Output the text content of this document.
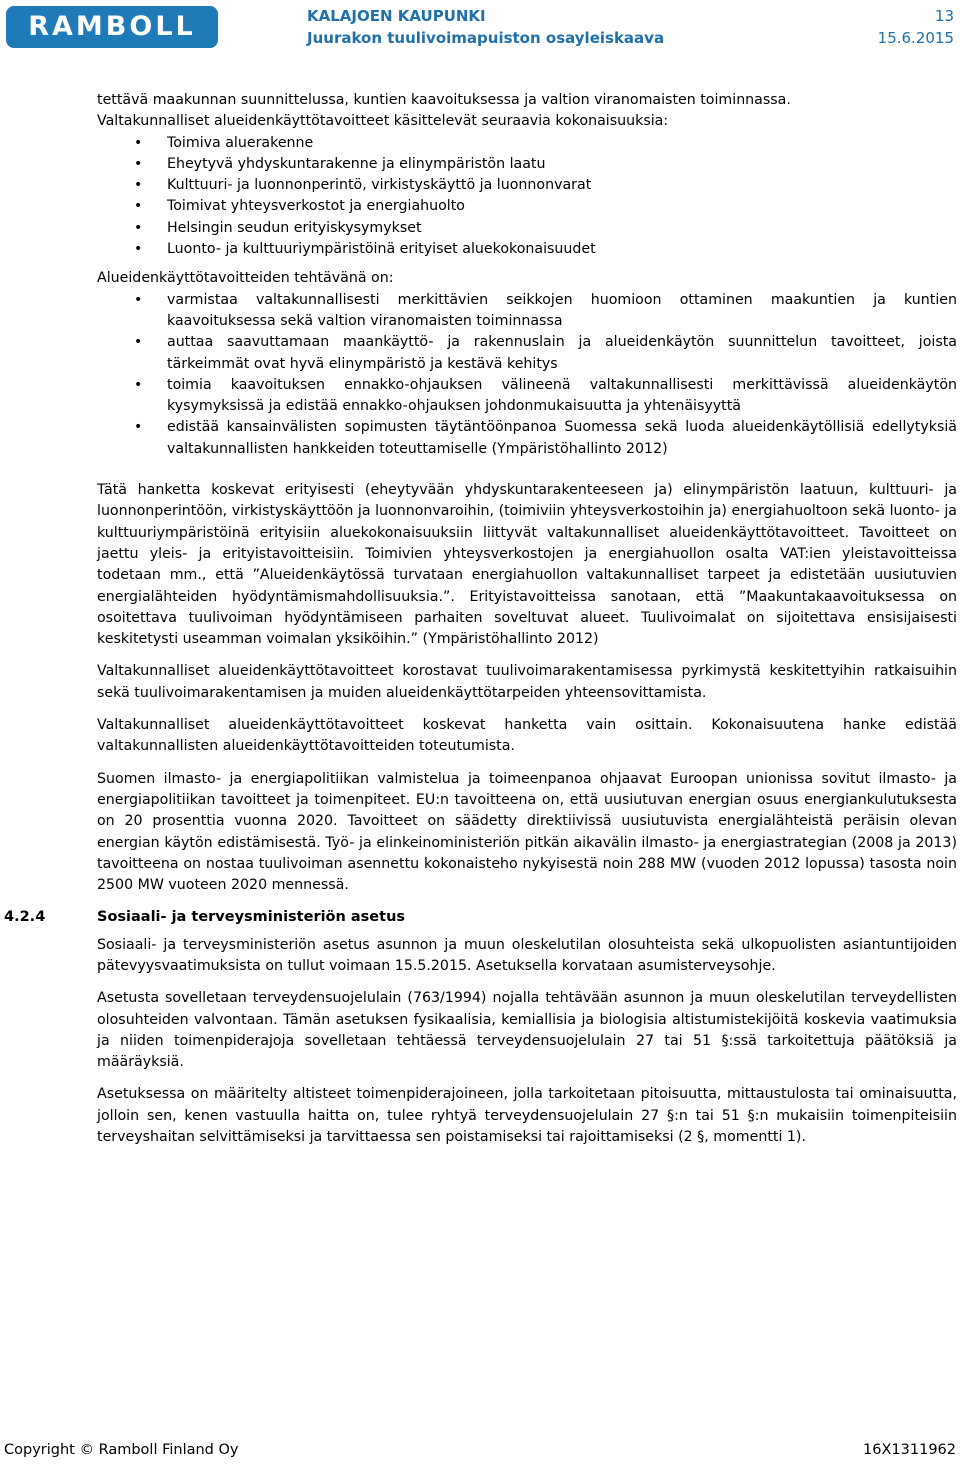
RAMBOLL	KALAJOEN KAUPUNKI	13
Juurakon tuulivoimapuiston osayleiskaava	15.6.2015

tettävä maakunnan suunnittelussa, kuntien kaavoituksessa ja valtion viranomaisten toiminnassa.

Valtakunnalliset alueidenkäyttötavoitteet käsittelevät seuraavia kokonaisuuksia:

• Toimiva aluerakenne
• Eheytyvä yhdyskuntarakenne ja elinympäristön laatu
• Kulttuuri- ja luonnonperintö, virkistyskäyttö ja luonnonvarat
• Toimivat yhteysverkostot ja energiahuolto
• Helsingin seudun erityiskysymykset
• Luonto- ja kulttuuriympäristöinä erityiset aluekokonaisuudet

Alueidenkäyttötavoitteiden tehtävänä on:

• varmistaa valtakunnallisesti merkittävien seikkojen huomioon ottaminen maakuntien ja kuntien kaavoituksessa sekä valtion viranomaisten toiminnassa
• auttaa saavuttamaan maankäyttö- ja rakennuslain ja alueidenkäytön suunnittelun tavoitteet, joista tärkeimmät ovat hyvä elinympäristö ja kestävä kehitys
• toimia kaavoituksen ennakko-ohjauksen välineenä valtakunnallisesti merkittävissä alueidenkäytön kysymyksissä ja edistää ennakko-ohjauksen johdonmukaisuutta ja yhtenäisyyttä
• edistää kansainvälisten sopimusten täytäntöönpanoa Suomessa sekä luoda alueidenkäytöllisiä edellytyksiä valtakunnallisten hankkeiden toteuttamiselle (Ympäristöhallinto 2012)

Tätä hanketta koskevat erityisesti (eheytyvään yhdyskuntarakenteeseen ja) elinympäristön laatuun, kulttuuri- ja luonnonperintöön, virkistyskäyttöön ja luonnonvaroihin, (toimiviin yhteysverkostoihin ja) energiahuoltoon sekä luonto- ja kulttuuriympäristöinä erityisiin aluekokonaisuuksiin liittyvät valtakunnalliset alueidenkäyttötavoitteet. Tavoitteet on jaettu yleis- ja erityistavoitteisiin. Toimivien yhteysverkostojen ja energiahuollon osalta VAT:ien yleistavoitteissa todetaan mm., että ”Alueidenkäytössä turvataan energiahuollon valtakunnalliset tarpeet ja edistetään uusiutuvien energialähteiden hyödyntämismahdollisuuksia.”. Erityistavoitteissa sanotaan, että ”Maakuntakaavoituksessa on osoitettava tuulivoiman hyödyntämiseen parhaiten soveltuvat alueet. Tuulivoimalat on sijoitettava ensisijaisesti keskitetysti useamman voimalan yksiköihin.” (Ympäristöhallinto 2012)

Valtakunnalliset alueidenkäyttötavoitteet korostavat tuulivoimarakentamisessa pyrkimystä keskitettyihin ratkaisuihin sekä tuulivoimarakentamisen ja muiden alueidenkäyttötarpeiden yhteensovittamista.

Valtakunnalliset alueidenkäyttötavoitteet koskevat hanketta vain osittain. Kokonaisuutena hanke edistää valtakunnallisten alueidenkäyttötavoitteiden toteutumista.

Suomen ilmasto- ja energiapolitiikan valmistelua ja toimeenpanoa ohjaavat Euroopan unionissa sovitut ilmasto- ja energiapolitiikan tavoitteet ja toimenpiteet. EU:n tavoitteena on, että uusiutuvan energian osuus energiankulutuksesta on 20 prosenttia vuonna 2020. Tavoitteet on säädetty direktiivissä uusiutuvista energialähteistä peräisin olevan energian käytön edistämisestä. Työ- ja elinkeinoministeriön pitkän aikavälin ilmasto- ja energiastrategian (2008 ja 2013) tavoitteena on nostaa tuulivoiman asennettu kokonaisteho nykyisestä noin 288 MW (vuoden 2012 lopussa) tasosta noin 2500 MW vuoteen 2020 mennessä.

4.2.4	Sosiaali- ja terveysministeriön asetus

Sosiaali- ja terveysministeriön asetus asunnon ja muun oleskelutilan olosuhteista sekä ulkopuolisten asiantuntijoiden pätevyysvaatimuksista on tullut voimaan 15.5.2015. Asetuksella korvataan asumisterveysohje.

Asetusta sovelletaan terveydensuojelulain (763/1994) nojalla tehtävään asunnon ja muun oleskelutilan terveydellisten olosuhteiden valvontaan. Tämän asetuksen fysikaalisia, kemiallisia ja biologisia altistumistekijöitä koskevia vaatimuksia ja niiden toimenpiderajoja sovelletaan tehtäessä terveydensuojelulain 27 tai 51 §:ssä tarkoitettuja päätöksiä ja määräyksiä.

Asetuksessa on määritelty altisteet toimenpiderajoineen, jolla tarkoitetaan pitoisuutta, mittaustulosta tai ominaisuutta, jolloin sen, kenen vastuulla haitta on, tulee ryhtyä terveydensuojelulain 27 §:n tai 51 §:n mukaisiin toimenpiteisiin terveyshaitan selvittämiseksi ja tarvittaessa sen poistamiseksi tai rajoittamiseksi (2 §, momentti 1).

Copyright © Ramboll Finland Oy	16X1311962
